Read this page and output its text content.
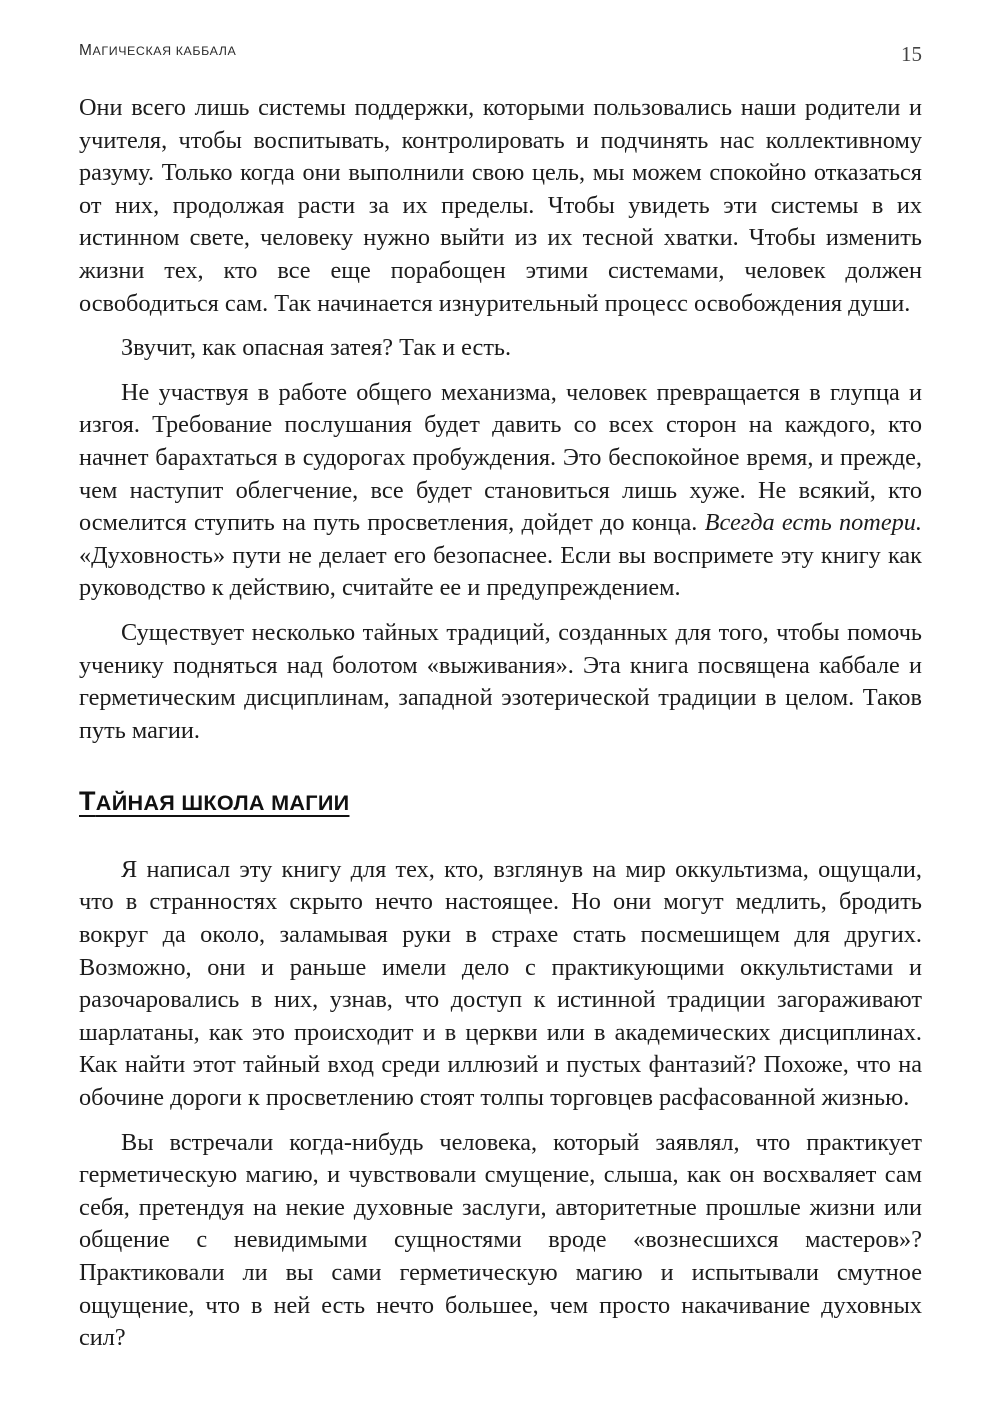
МАГИЧЕСКАЯ КАББАЛА	15

Они всего лишь системы поддержки, которыми пользовались наши родители и учителя, чтобы воспитывать, контролировать и подчинять нас коллективному разуму. Только когда они выполнили свою цель, мы можем спокойно отказаться от них, продолжая расти за их пределы. Чтобы увидеть эти системы в их истинном свете, человеку нужно выйти из их тесной хватки. Чтобы изменить жизни тех, кто все еще порабощен этими системами, человек должен освободиться сам. Так начинается изнурительный процесс освобождения души.

Звучит, как опасная затея? Так и есть.

Не участвуя в работе общего механизма, человек превращается в глупца и изгоя. Требование послушания будет давить со всех сторон на каждого, кто начнет барахтаться в судорогах пробуждения. Это беспокойное время, и прежде, чем наступит облегчение, все будет становиться лишь хуже. Не всякий, кто осмелится ступить на путь просветления, дойдет до конца. Всегда есть потери. «Духовность» пути не делает его безопаснее. Если вы воспримете эту книгу как руководство к действию, считайте ее и предупреждением.

Существует несколько тайных традиций, созданных для того, чтобы помочь ученику подняться над болотом «выживания». Эта книга посвящена каббале и герметическим дисциплинам, западной эзотерической традиции в целом. Таков путь магии.

ТАЙНАЯ ШКОЛА МАГИИ

Я написал эту книгу для тех, кто, взглянув на мир оккультизма, ощущали, что в странностях скрыто нечто настоящее. Но они могут медлить, бродить вокруг да около, заламывая руки в страхе стать посмешищем для других. Возможно, они и раньше имели дело с практикующими оккультистами и разочаровались в них, узнав, что доступ к истинной традиции загораживают шарлатаны, как это происходит и в церкви или в академических дисциплинах. Как найти этот тайный вход среди иллюзий и пустых фантазий? Похоже, что на обочине дороги к просветлению стоят толпы торговцев расфасованной жизнью.

Вы встречали когда-нибудь человека, который заявлял, что практикует герметическую магию, и чувствовали смущение, слыша, как он восхваляет сам себя, претендуя на некие духовные заслуги, авторитетные прошлые жизни или общение с невидимыми сущностями вроде «вознесшихся мастеров»? Практиковали ли вы сами герметическую магию и испытывали смутное ощущение, что в ней есть нечто большее, чем просто накачивание духовных сил?
